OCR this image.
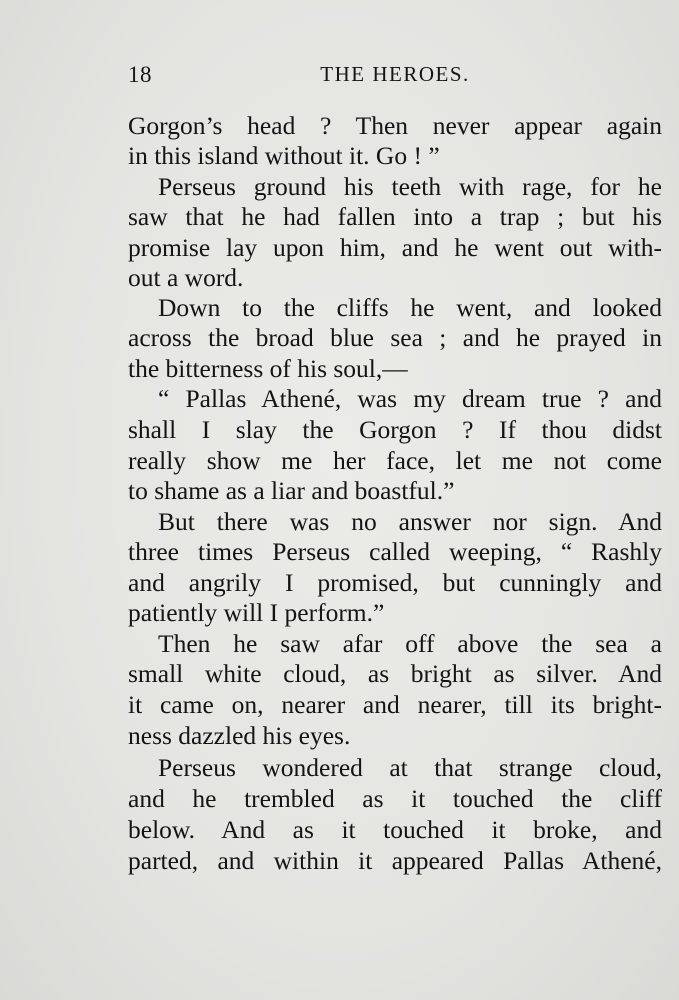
18	THE HEROES.
Gorgon’s head ? Then never appear again
in this island without it. Go ! ”
Perseus ground his teeth with rage, for he
saw that he had fallen into a trap ; but his
promise lay upon him, and he went out with-
out a word.
Down to the cliffs he went, and looked
across the broad blue sea ; and he prayed in
the bitterness of his soul,—
“ Pallas Athené, was my dream true ? and
shall I slay the Gorgon ? If thou didst
really show me her face, let me not come
to shame as a liar and boastful.”
But there was no answer nor sign. And
three times Perseus called weeping, “ Rashly
and angrily I promised, but cunningly and
patiently will I perform.”
Then he saw afar off above the sea a
small white cloud, as bright as silver. And
it came on, nearer and nearer, till its bright-
ness dazzled his eyes.
Perseus wondered at that strange cloud,
and he trembled as it touched the cliff
below. And as it touched it broke, and
parted, and within it appeared Pallas Athené,
